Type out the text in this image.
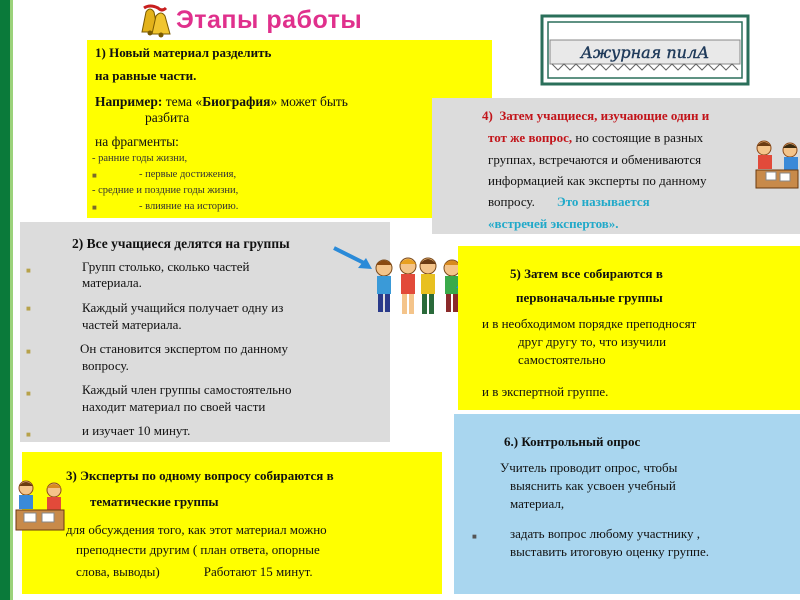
Этапы работы
Ажурная пилА
1) Новый материал разделить
на равные части.
Например: тема «Биография» может быть
разбита
на фрагменты:
- ранние годы жизни,
■	- первые достижения,
- средние и поздние годы жизни,
■	- влияние на историю.
4) Затем учащиеся, изучающие один и
тот же вопрос, но состоящие в разных
группах, встречаются и обмениваются
информацией как эксперты по данному
вопросу. Это называется
«встречей экспертов».
2) Все учащиеся делятся на группы
■	Групп столько, сколько частей
материала.
■	Каждый учащийся получает одну из
частей материала.
■	Он становится экспертом по данному
вопросу.
■	Каждый член группы самостоятельно
находит материал по своей части
■	и изучает 10 минут.
5) Затем все собираются в
первоначальные группы
и в необходимом порядке преподносят
друг другу то, что изучили
самостоятельно
и в экспертной группе.
6.) Контрольный опрос
Учитель проводит опрос, чтобы
выяснить как усвоен учебный
материал,
■	задать вопрос любому участнику ,
выставить итоговую оценку группе.
3) Эксперты по одному вопросу собираются в
тематические группы
для обсуждения того, как этот материал можно
преподнести другим ( план ответа, опорные
слова, выводы)	Работают 15 минут.
